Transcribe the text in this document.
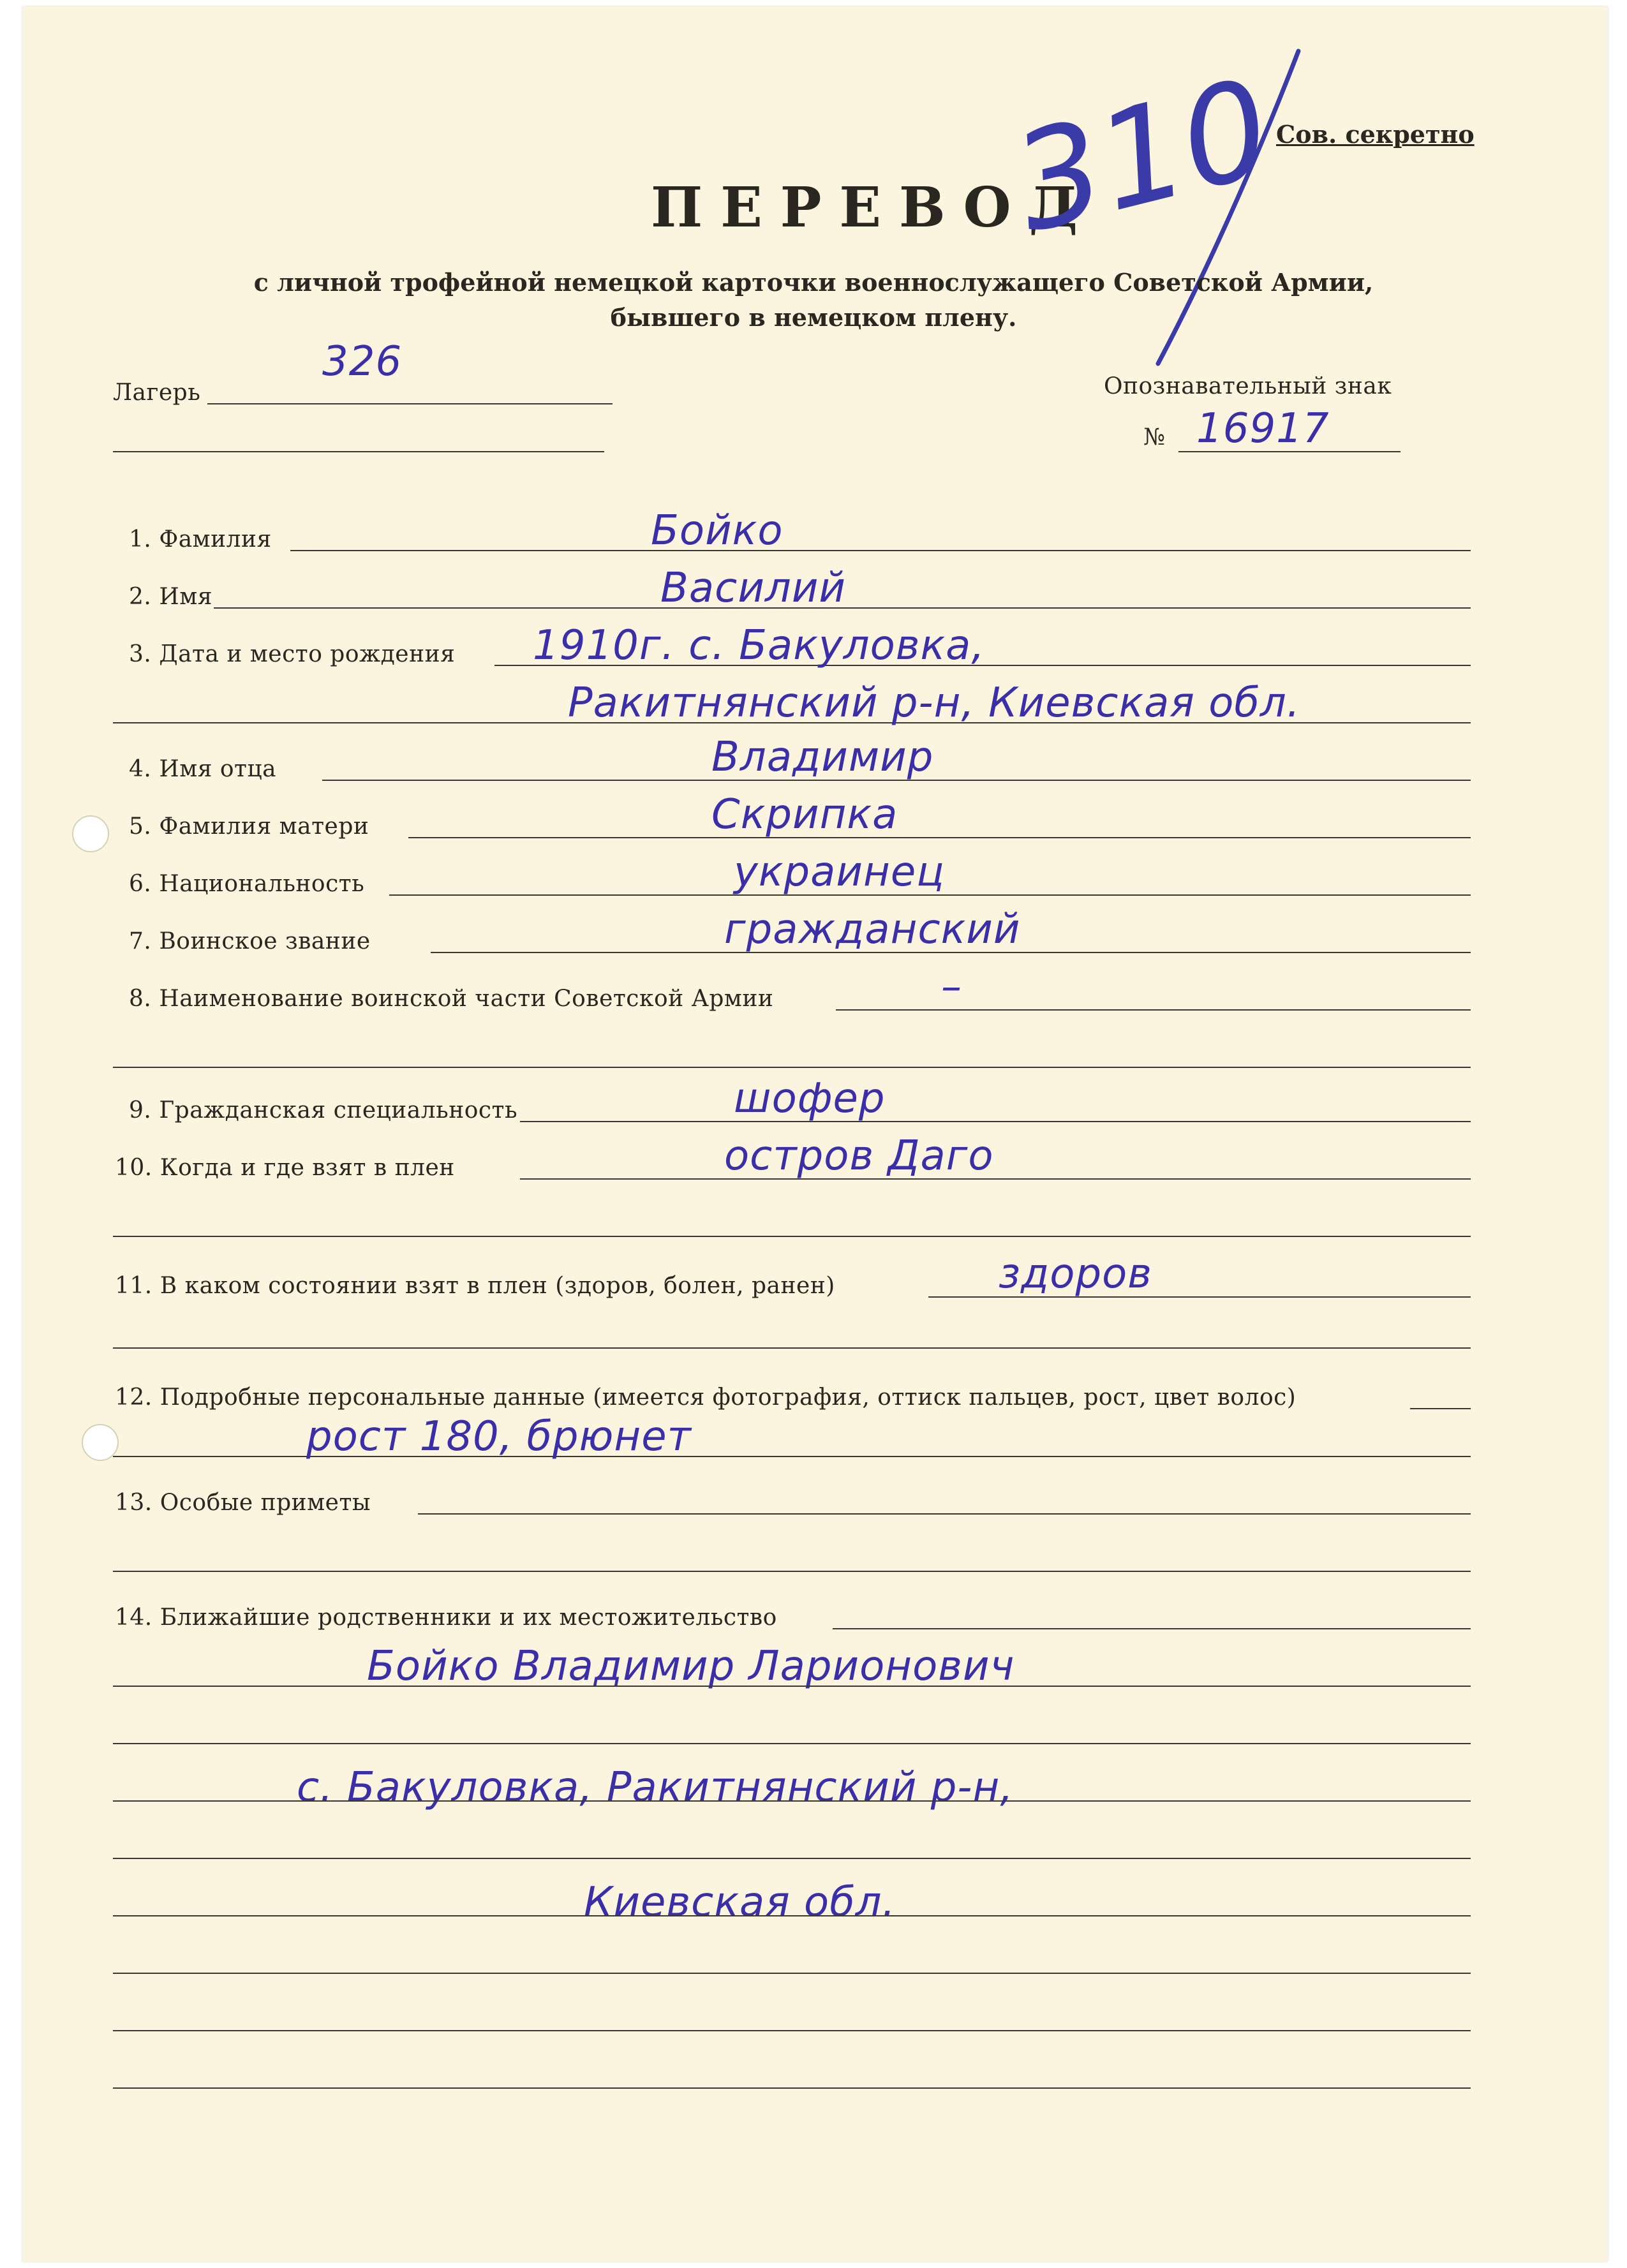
Сов. секретно
ПЕРЕВОД
310
с личной трофейной немецкой карточки военнослужащего Советской Армии,
бывшего в немецком плену.
Лагерь
326
Опознавательный знак
№ 16917
1. Фамилия	Бойко
2. Имя	Василий
3. Дата и место рождения 1910г. с. Бакуловка,
Ракитнянский р-н, Киевская обл.
4. Имя отца	Владимир
5. Фамилия матери	Скрипка
6. Национальность	украинец
7. Воинское звание	гражданский
8. Наименование воинской части Советской Армии	–
9. Гражданская специальность	шофер
10. Когда и где взят в плен	остров Даго
11. В каком состоянии взят в плен (здоров, болен, ранен)	здоров
12. Подробные персональные данные (имеется фотография, оттиск пальцев, рост, цвет волос)
рост 180, брюнет
13. Особые приметы
14. Ближайшие родственники и их местожительство
Бойко Владимир Ларионович
с. Бакуловка, Ракитнянский р-н,
Киевская обл.
